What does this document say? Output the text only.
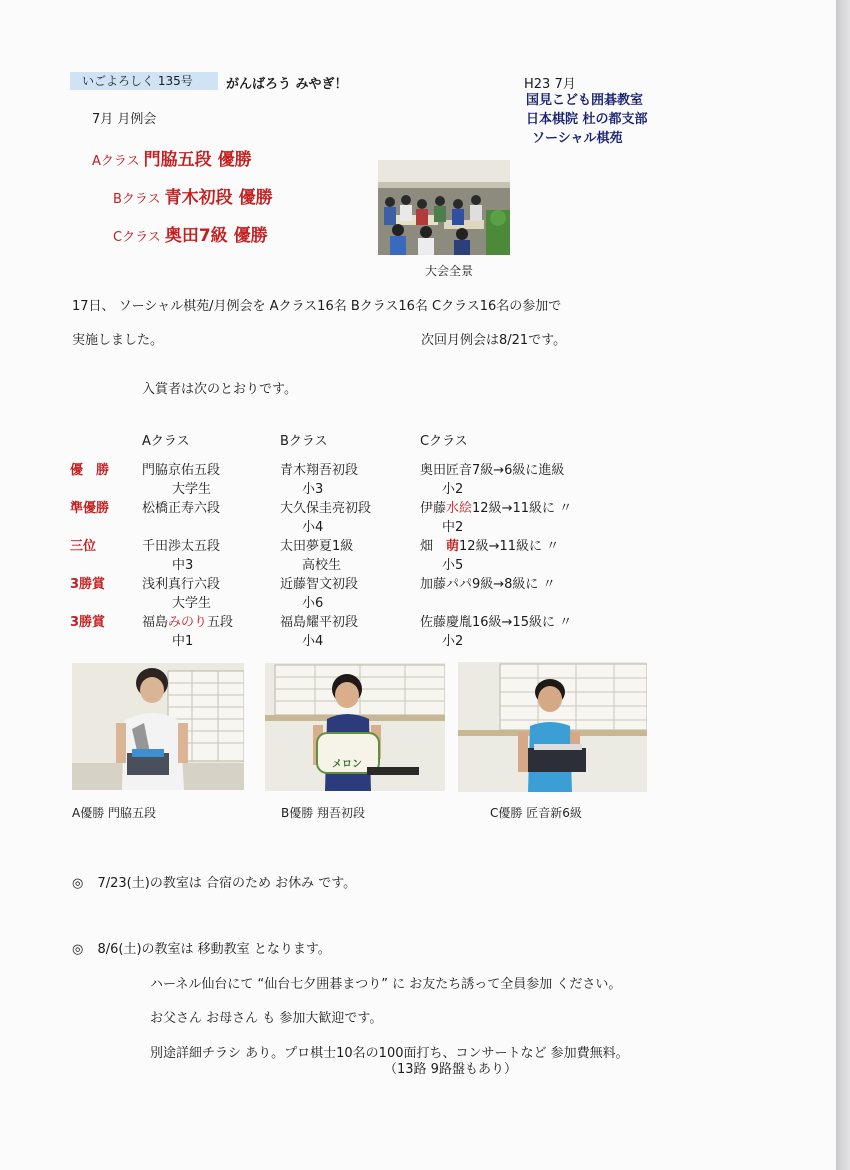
いごよろしく 135号	がんばろう みやぎ！	H23 7月
国見こども囲碁教室
日本棋院 杜の都支部
ソーシャル棋苑
7月 月例会
Aクラス 門脇五段 優勝
Bクラス 青木初段 優勝
Cクラス 奥田7級 優勝
大会全景
17日、 ソーシャル棋苑/月例会を Aクラス16名 Bクラス16名 Cクラス16名の参加で
実施しました。	次回月例会は8/21です。
入賞者は次のとおりです。
Aクラス	Bクラス	Cクラス
優　勝	門脇京佑五段	青木翔吾初段	奥田匠音7級→6級に進級
	大学生	小3	小2
準優勝	松橋正寿六段	大久保圭亮初段	伊藤水絵12級→11級に 〃
		小4	中2
三位	千田渉太五段	太田夢夏1級	畑　萌12級→11級に 〃
	中3	高校生	小5
3勝賞	浅利真行六段	近藤智文初段	加藤パパ9級→8級に 〃
	大学生	小6	
3勝賞	福島みのり五段	福島耀平初段	佐藤慶胤16級→15級に 〃
	中1	小4	小2
メロン
A優勝 門脇五段	B優勝 翔吾初段	C優勝 匠音新6級
◎ 7/23(土)の教室は 合宿のため お休み です。
◎ 8/6(土)の教室は 移動教室 となります。
ハーネル仙台にて “仙台七夕囲碁まつり” に お友たち誘って全員参加 ください。
お父さん お母さん も 参加大歓迎です。
別途詳細チラシ あり。プロ棋士10名の100面打ち、コンサートなど 参加費無料。
（13路 9路盤もあり）
